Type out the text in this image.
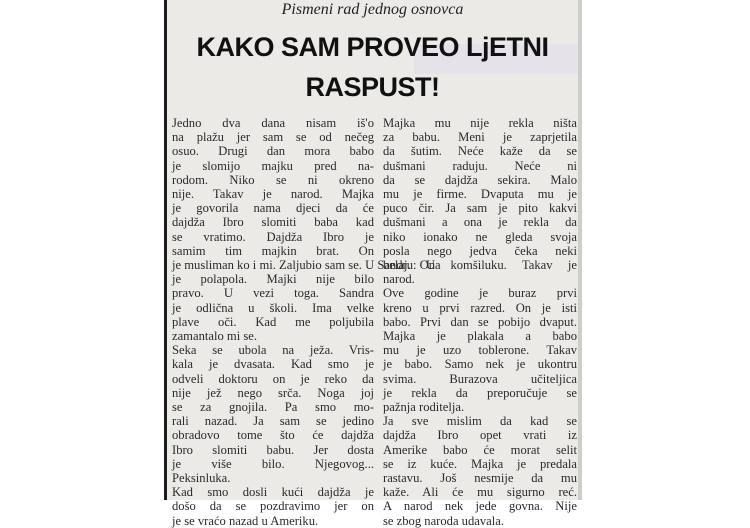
Pismeni rad jednog osnovca
KAKO SAM PROVEO LjETNI
RASPUST!
Jedno dva dana nisam iš'o
na plažu jer sam se od nečeg
osuo. Drugi dan mora babo
je slomijo majku pred na-
rodom. Niko se ni okreno
nije. Takav je narod. Majka
je govorila nama djeci da će
dajdža Ibro slomiti baba kad
se vratimo. Dajdža Ibro je
samim tim majkin brat. On
je musliman ko i mi. Zaljubio sam se. U Sandru: Ona
je polapola. Majki nije bilo
pravo. U vezi toga. Sandra
je odlična u školi. Ima velke
plave oči. Kad me poljubila
zamantalo mi se.
Seka se ubola na ježa. Vris-
kala je dvasata. Kad smo je
odveli doktoru on je reko da
nije jež nego srča. Noga joj
se za gnojila. Pa smo mo-
rali nazad. Ja sam se jedino
obradovo tome što će dajdža
Ibro slomiti babu. Jer dosta
je više bilo. Njegovog...
Peksinluka.
Kad smo dosli kući dajdža je
došo da se pozdravimo jer on
je se vraćo nazad u Ameriku.
Majka mu nije rekla ništa
za babu. Meni je zaprjetila
da šutim. Neće kaže da se
dušmani raduju. Neće ni
da se dajdža sekira. Malo
mu je firme. Dvaputa mu je
puco čir. Ja sam je pito kakvi
dušmani a ona je rekla da
niko ionako ne gleda svoja
posla nego jedva čeka neki
belaj. U komšiluku. Takav je
narod.
Ove godine je buraz prvi
kreno u prvi razred. On je isti
babo. Prvi dan se pobijo dvaput.
Majka je plakala a babo
mu je uzo toblerone. Takav
je babo. Samo nek je ukontru
svima. Burazova učiteljica
je rekla da preporučuje se
pažnja roditelja.
Ja sve mislim da kad se
dajdža Ibro opet vrati iz
Amerike babo će morat selit
se iz kuće. Majka je predala
rastavu. Još nesmije da mu
kaže. Ali će mu sigurno reć.
A narod nek jede govna. Nije
se zbog naroda udavala.
